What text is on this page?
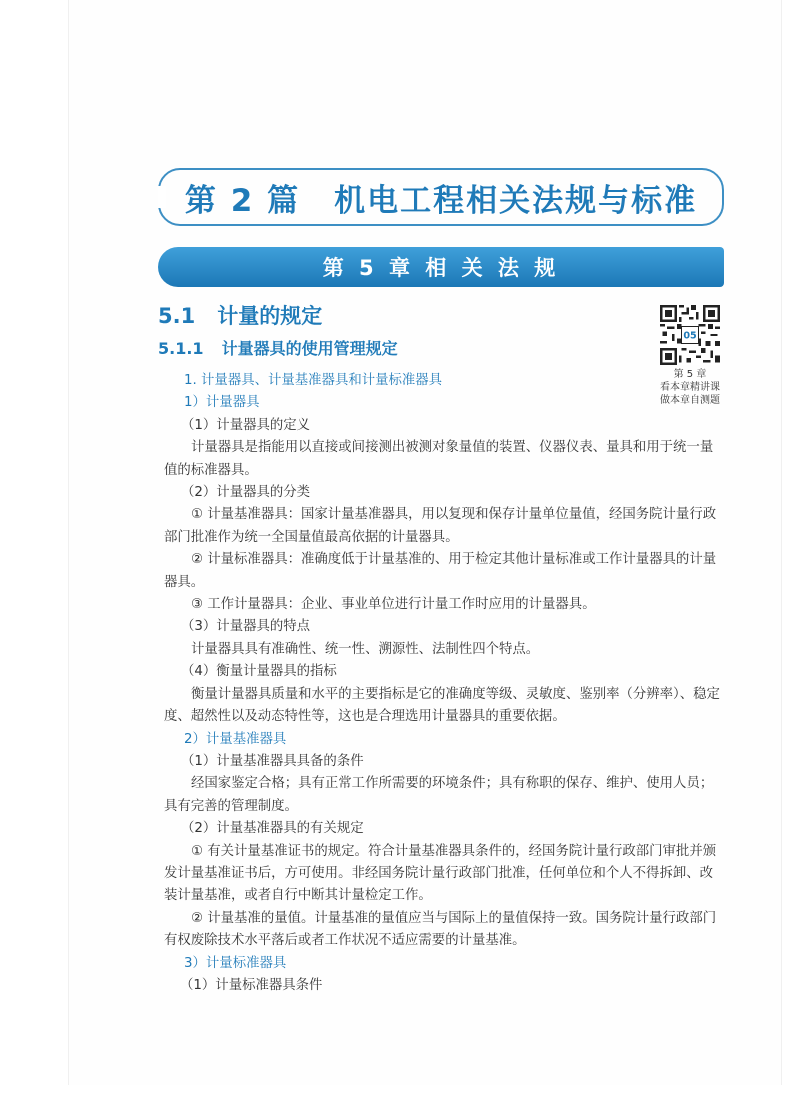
第 2 篇 机电工程相关法规与标准
第 5 章 相 关 法 规
5.1 计量的规定
5.1.1 计量器具的使用管理规定
05
第 5 章
看本章精讲课
做本章自测题

1. 计量器具、计量基准器具和计量标准器具

1）计量器具

（1）计量器具的定义

计量器具是指能用以直接或间接测出被测对象量值的装置、仪器仪表、量具和用于统一量值的标准器具。

（2）计量器具的分类

① 计量基准器具：国家计量基准器具，用以复现和保存计量单位量值，经国务院计量行政部门批准作为统一全国量值最高依据的计量器具。

② 计量标准器具：准确度低于计量基准的、用于检定其他计量标准或工作计量器具的计量器具。

③ 工作计量器具：企业、事业单位进行计量工作时应用的计量器具。

（3）计量器具的特点

计量器具具有准确性、统一性、溯源性、法制性四个特点。

（4）衡量计量器具的指标

衡量计量器具质量和水平的主要指标是它的准确度等级、灵敏度、鉴别率（分辨率）、稳定度、超然性以及动态特性等，这也是合理选用计量器具的重要依据。

2）计量基准器具

（1）计量基准器具具备的条件

经国家鉴定合格；具有正常工作所需要的环境条件；具有称职的保存、维护、使用人员；具有完善的管理制度。

（2）计量基准器具的有关规定

① 有关计量基准证书的规定。符合计量基准器具条件的，经国务院计量行政部门审批并颁发计量基准证书后，方可使用。非经国务院计量行政部门批准，任何单位和个人不得拆卸、改装计量基准，或者自行中断其计量检定工作。

② 计量基准的量值。计量基准的量值应当与国际上的量值保持一致。国务院计量行政部门有权废除技术水平落后或者工作状况不适应需要的计量基准。

3）计量标准器具

（1）计量标准器具条件
